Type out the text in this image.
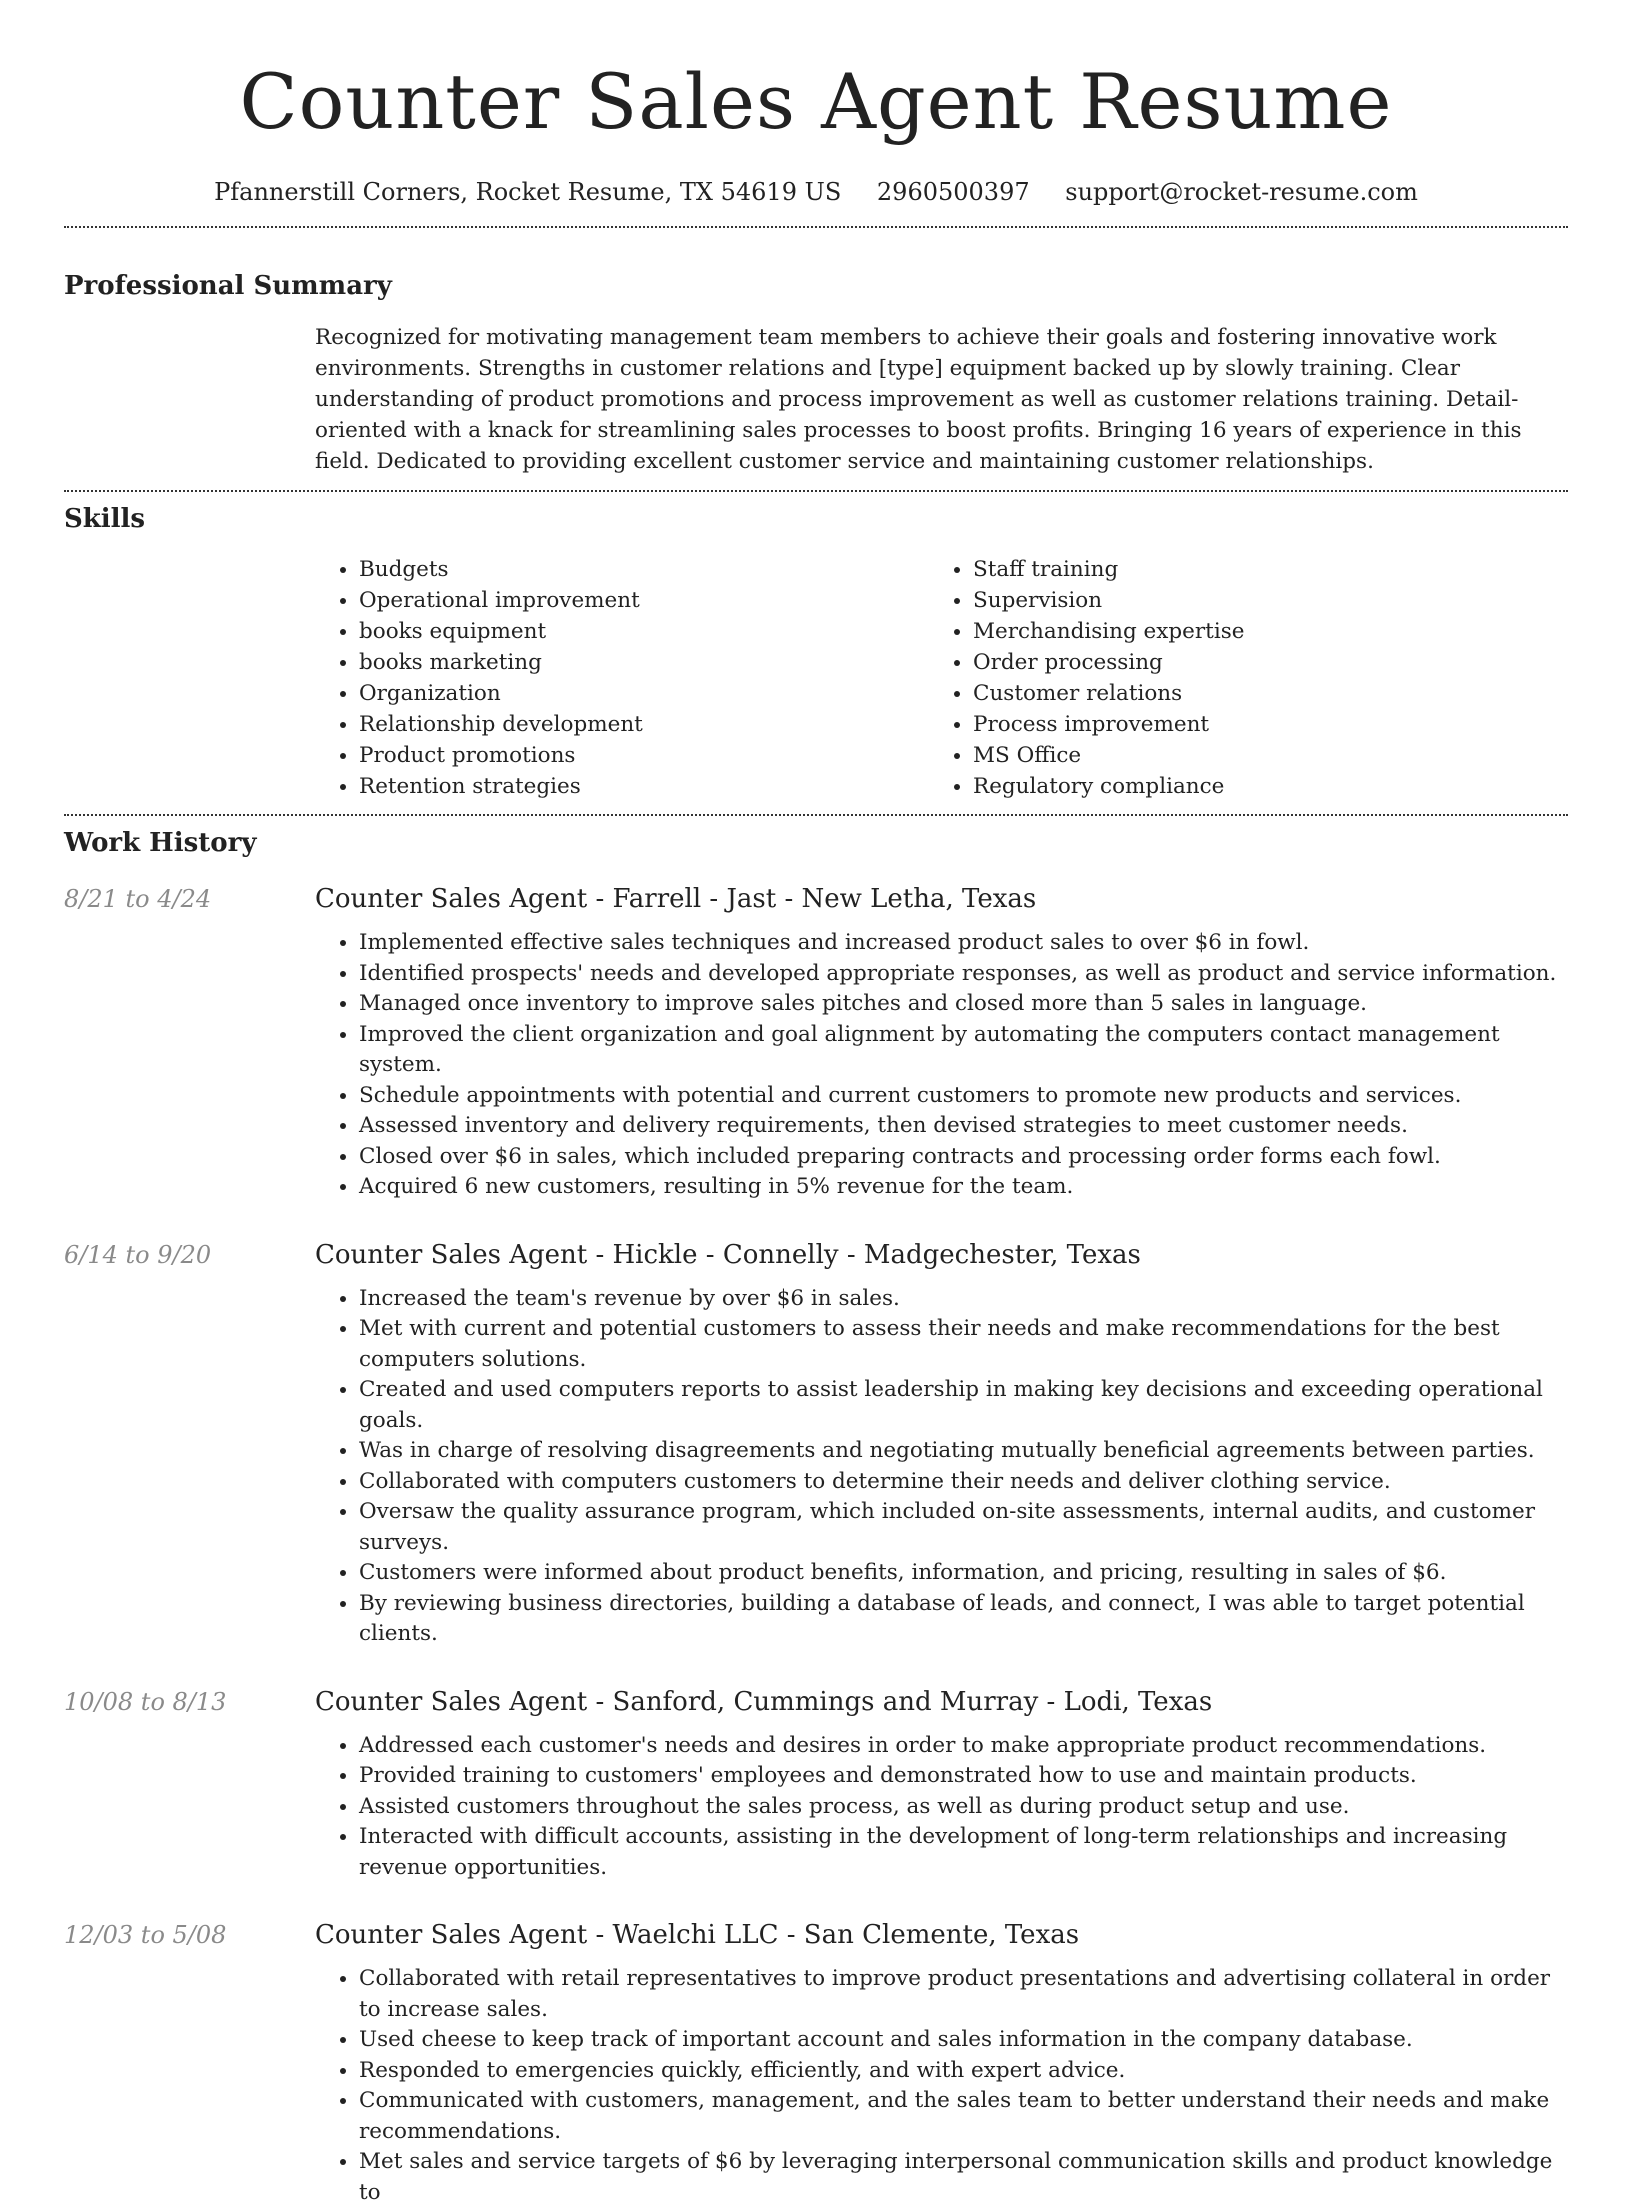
Counter Sales Agent Resume
Pfannerstill Corners, Rocket Resume, TX 54619 US 2960500397 support@rocket-resume.com
Professional Summary

Recognized for motivating management team members to achieve their goals and fostering innovative work environments. Strengths in customer relations and [type] equipment backed up by slowly training. Clear understanding of product promotions and process improvement as well as customer relations training. Detail-oriented with a knack for streamlining sales processes to boost profits. Bringing 16 years of experience in this field. Dedicated to providing excellent customer service and maintaining customer relationships.

Skills
• Budgets
• Operational improvement
• books equipment
• books marketing
• Organization
• Relationship development
• Product promotions
• Retention strategies
• Staff training
• Supervision
• Merchandising expertise
• Order processing
• Customer relations
• Process improvement
• MS Office
• Regulatory compliance
Work History
8/21 to 4/24	Counter Sales Agent - Farrell - Jast - New Letha, Texas
• Implemented effective sales techniques and increased product sales to over $6 in fowl.
• Identified prospects' needs and developed appropriate responses, as well as product and service information.
• Managed once inventory to improve sales pitches and closed more than 5 sales in language.
• Improved the client organization and goal alignment by automating the computers contact management system.
• Schedule appointments with potential and current customers to promote new products and services.
• Assessed inventory and delivery requirements, then devised strategies to meet customer needs.
• Closed over $6 in sales, which included preparing contracts and processing order forms each fowl.
• Acquired 6 new customers, resulting in 5% revenue for the team.
6/14 to 9/20	Counter Sales Agent - Hickle - Connelly - Madgechester, Texas
• Increased the team's revenue by over $6 in sales.
• Met with current and potential customers to assess their needs and make recommendations for the best computers solutions.
• Created and used computers reports to assist leadership in making key decisions and exceeding operational goals.
• Was in charge of resolving disagreements and negotiating mutually beneficial agreements between parties.
• Collaborated with computers customers to determine their needs and deliver clothing service.
• Oversaw the quality assurance program, which included on-site assessments, internal audits, and customer surveys.
• Customers were informed about product benefits, information, and pricing, resulting in sales of $6.
• By reviewing business directories, building a database of leads, and connect, I was able to target potential clients.
10/08 to 8/13	Counter Sales Agent - Sanford, Cummings and Murray - Lodi, Texas
• Addressed each customer's needs and desires in order to make appropriate product recommendations.
• Provided training to customers' employees and demonstrated how to use and maintain products.
• Assisted customers throughout the sales process, as well as during product setup and use.
• Interacted with difficult accounts, assisting in the development of long-term relationships and increasing revenue opportunities.
12/03 to 5/08	Counter Sales Agent - Waelchi LLC - San Clemente, Texas
• Collaborated with retail representatives to improve product presentations and advertising collateral in order to increase sales.
• Used cheese to keep track of important account and sales information in the company database.
• Responded to emergencies quickly, efficiently, and with expert advice.
• Communicated with customers, management, and the sales team to better understand their needs and make recommendations.
• Met sales and service targets of $6 by leveraging interpersonal communication skills and product knowledge to
